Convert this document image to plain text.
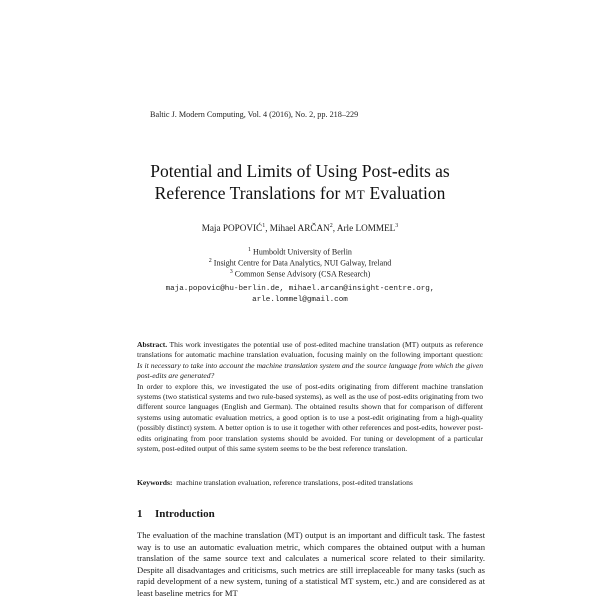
Baltic J. Modern Computing, Vol. 4 (2016), No. 2, pp. 218–229
Potential and Limits of Using Post-edits as
Reference Translations for MT Evaluation
Maja POPOVIĆ$^1$, Mihael ARČAN$^2$, Arle LOMMEL$^3$
$^1$ Humboldt University of Berlin
$^2$ Insight Centre for Data Analytics, NUI Galway, Ireland
$^3$ Common Sense Advisory (CSA Research)
maja.popovic@hu-berlin.de, mihael.arcan@insight-centre.org,
arle.lommel@gmail.com

Abstract. This work investigates the potential use of post-edited machine translation (MT) outputs as reference translations for automatic machine translation evaluation, focusing mainly on the following important question: Is it necessary to take into account the machine translation system and the source language from which the given post-edits are generated?

In order to explore this, we investigated the use of post-edits originating from different machine translation systems (two statistical systems and two rule-based systems), as well as the use of post-edits originating from two different source languages (English and German). The obtained results shown that for comparison of different systems using automatic evaluation metrics, a good option is to use a post-edit originating from a high-quality (possibly distinct) system. A better option is to use it together with other references and post-edits, however post-edits originating from poor translation systems should be avoided. For tuning or development of a particular system, post-edited output of this same system seems to be the best reference translation.

Keywords: machine translation evaluation, reference translations, post-edited translations
1 Introduction
The evaluation of the machine translation (MT) output is an important and difficult task. The fastest way is to use an automatic evaluation metric, which compares the obtained output with a human translation of the same source text and calculates a numerical score related to their similarity. Despite all disadvantages and criticisms, such metrics are still irreplaceable for many tasks (such as rapid development of a new system, tuning of a statistical MT system, etc.) and are considered as at least baseline metrics for MT
